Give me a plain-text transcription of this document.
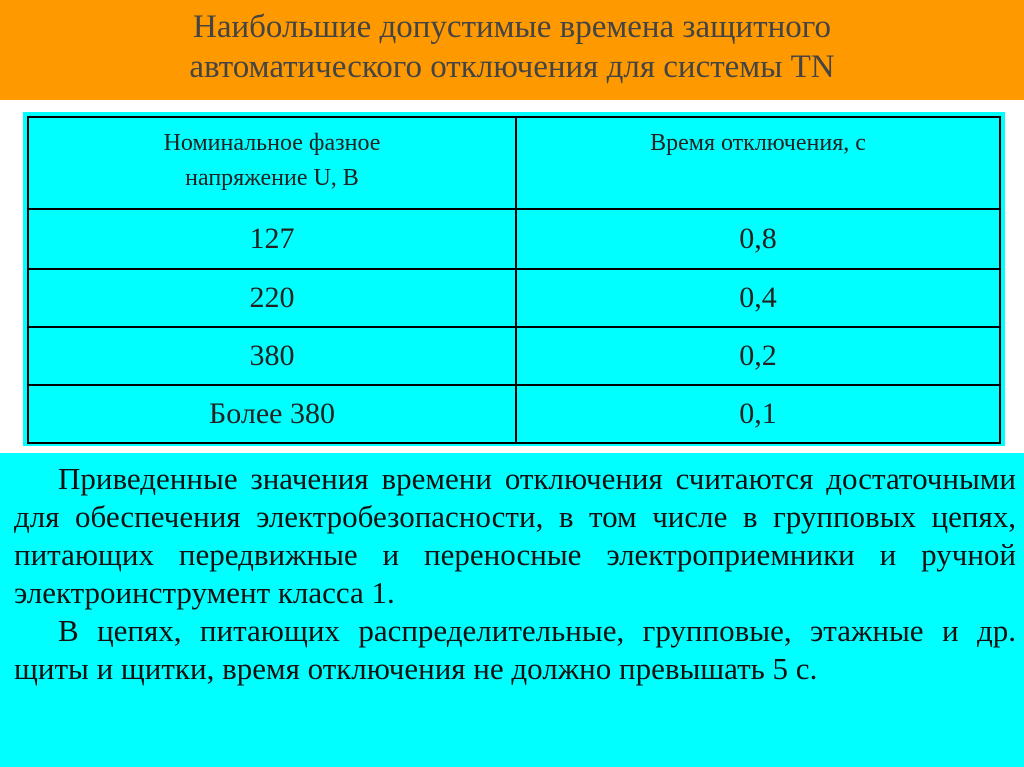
Наибольшие допустимые времена защитного
автоматического отключения для системы TN
Номинальное фазное
напряжение U, В	Время отключения, с

127	0,8
220	0,4
380	0,2
Более 380	0,1

Приведенные значения времени отключения считаются достаточными для обеспечения электробезопасности, в том числе в групповых цепях, питающих передвижные и переносные электроприемники и ручной электроинструмент класса 1.

В цепях, питающих распределительные, групповые, этажные и др. щиты и щитки, время отключения не должно превышать 5 с.
